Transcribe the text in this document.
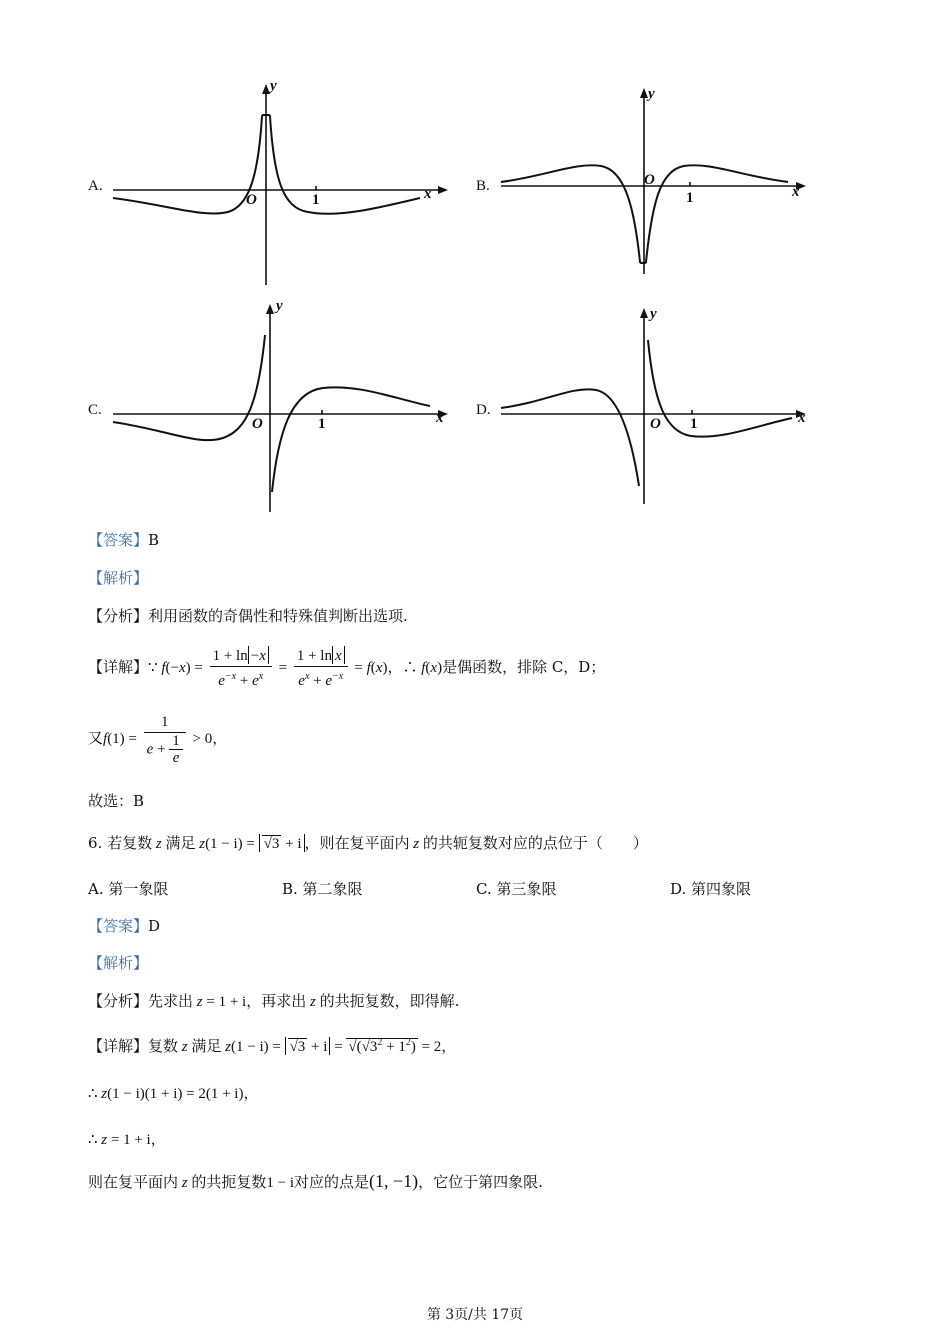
A.
y
O	1	x	B.
y
O
1	x
C.
y
O	1	x D.
y
O 1	x
【答案】B
【解析】
【分析】利用函数的奇偶性和特殊值判断出选项.
【详解】∵ $f(-x) = \frac{1 + \ln -x}{e^{-x} + e^x} = \frac{\text{1 + ln x}}{e^x + e^{-x}} = f(x)$，∴ f(x)是偶函数，排除 C，D；
又$f(1) = \frac{1}{e + \frac{1}{e}} > 0$，
故选：B
6. 若复数 z 满足 z(1 − i) = √3 + i ，则在复平面内 z 的共轭复数对应的点位于（　　）
A. 第一象限	B. 第二象限	C. 第三象限	D. 第四象限
【答案】D
【解析】
【分析】先求出 z = 1 + i，再求出 z 的共扼复数，即得解.
【详解】复数 z 满足 $z(1 - i) = √3 + i = √(√3^2 + 1^2) = 2$，
∴ z(1 − i)(1 + i) = 2(1 + i)，
∴ z = 1 + i，
则在复平面内 z 的共扼复数1 − i对应的点是(1, −1)，它位于第四象限.
第 3页/共 17页
